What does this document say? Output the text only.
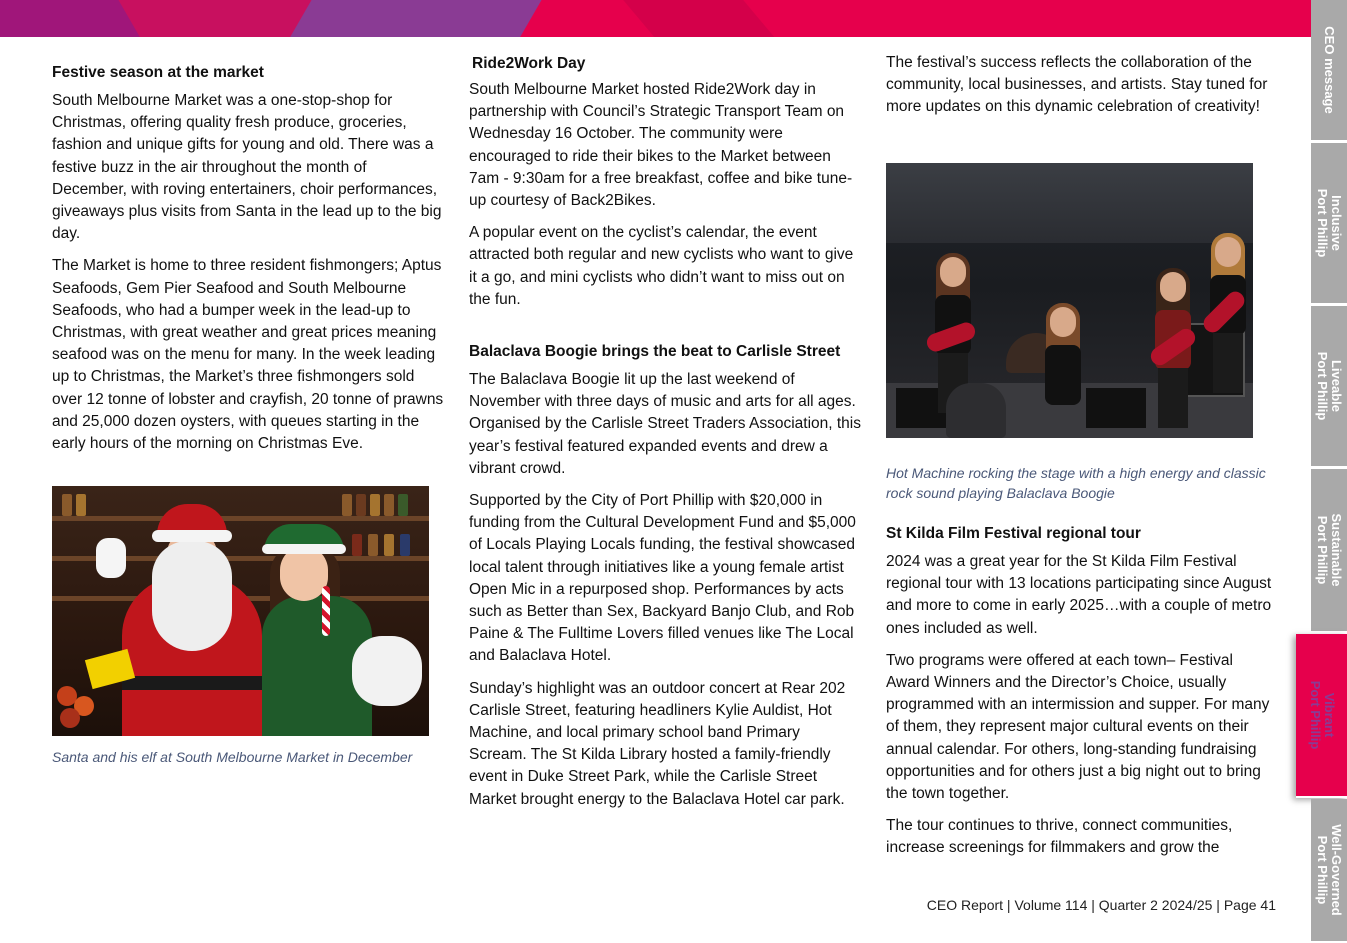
Festive season at the market

South Melbourne Market was a one-stop-shop for Christmas, offering quality fresh produce, groceries, fashion and unique gifts for young and old. There was a festive buzz in the air throughout the month of December, with roving entertainers, choir performances, giveaways plus visits from Santa in the lead up to the big day.

The Market is home to three resident fishmongers; Aptus Seafoods, Gem Pier Seafood and South Melbourne Seafoods, who had a bumper week in the lead-up to Christmas, with great weather and great prices meaning seafood was on the menu for many. In the week leading up to Christmas, the Market’s three fishmongers sold over 12 tonne of lobster and crayfish, 20 tonne of prawns and 25,000 dozen oysters, with queues starting in the early hours of the morning on Christmas Eve.

Santa and his elf at South Melbourne Market in December
Ride2Work Day

South Melbourne Market hosted Ride2Work day in partnership with Council’s Strategic Transport Team on Wednesday 16 October. The community were encouraged to ride their bikes to the Market between 7am - 9:30am for a free breakfast, coffee and bike tune-up courtesy of Back2Bikes.

A popular event on the cyclist’s calendar, the event attracted both regular and new cyclists who want to give it a go, and mini cyclists who didn’t want to miss out on the fun.

Balaclava Boogie brings the beat to Carlisle Street

The Balaclava Boogie lit up the last weekend of November with three days of music and arts for all ages. Organised by the Carlisle Street Traders Association, this year’s festival featured expanded events and drew a vibrant crowd.

Supported by the City of Port Phillip with $20,000 in funding from the Cultural Development Fund and $5,000 of Locals Playing Locals funding, the festival showcased local talent through initiatives like a young female artist Open Mic in a repurposed shop. Performances by acts such as Better than Sex, Backyard Banjo Club, and Rob Paine & The Fulltime Lovers filled venues like The Local and Balaclava Hotel.

Sunday’s highlight was an outdoor concert at Rear 202 Carlisle Street, featuring headliners Kylie Auldist, Hot Machine, and local primary school band Primary Scream. The St Kilda Library hosted a family-friendly event in Duke Street Park, while the Carlisle Street Market brought energy to the Balaclava Hotel car park.

The festival’s success reflects the collaboration of the community, local businesses, and artists. Stay tuned for more updates on this dynamic celebration of creativity!

Hot Machine rocking the stage with a high energy and classic rock sound playing Balaclava Boogie
St Kilda Film Festival regional tour

2024 was a great year for the St Kilda Film Festival regional tour with 13 locations participating since August and more to come in early 2025…with a couple of metro ones included as well.

Two programs were offered at each town– Festival Award Winners and the Director’s Choice, usually programmed with an intermission and supper. For many of them, they represent major cultural events on their annual calendar. For others, long-standing fundraising opportunities and for others just a big night out to bring the town together.

The tour continues to thrive, connect communities, increase screenings for filmmakers and grow the

CEO message
Inclusive
Port Phillip
Liveable
Port Phillip
Sustainable
Port Phillip
Vibrant
Port Phillip
Well-Governed
Port Phillip
CEO Report | Volume 114 | Quarter 2 2024/25 | Page 41
